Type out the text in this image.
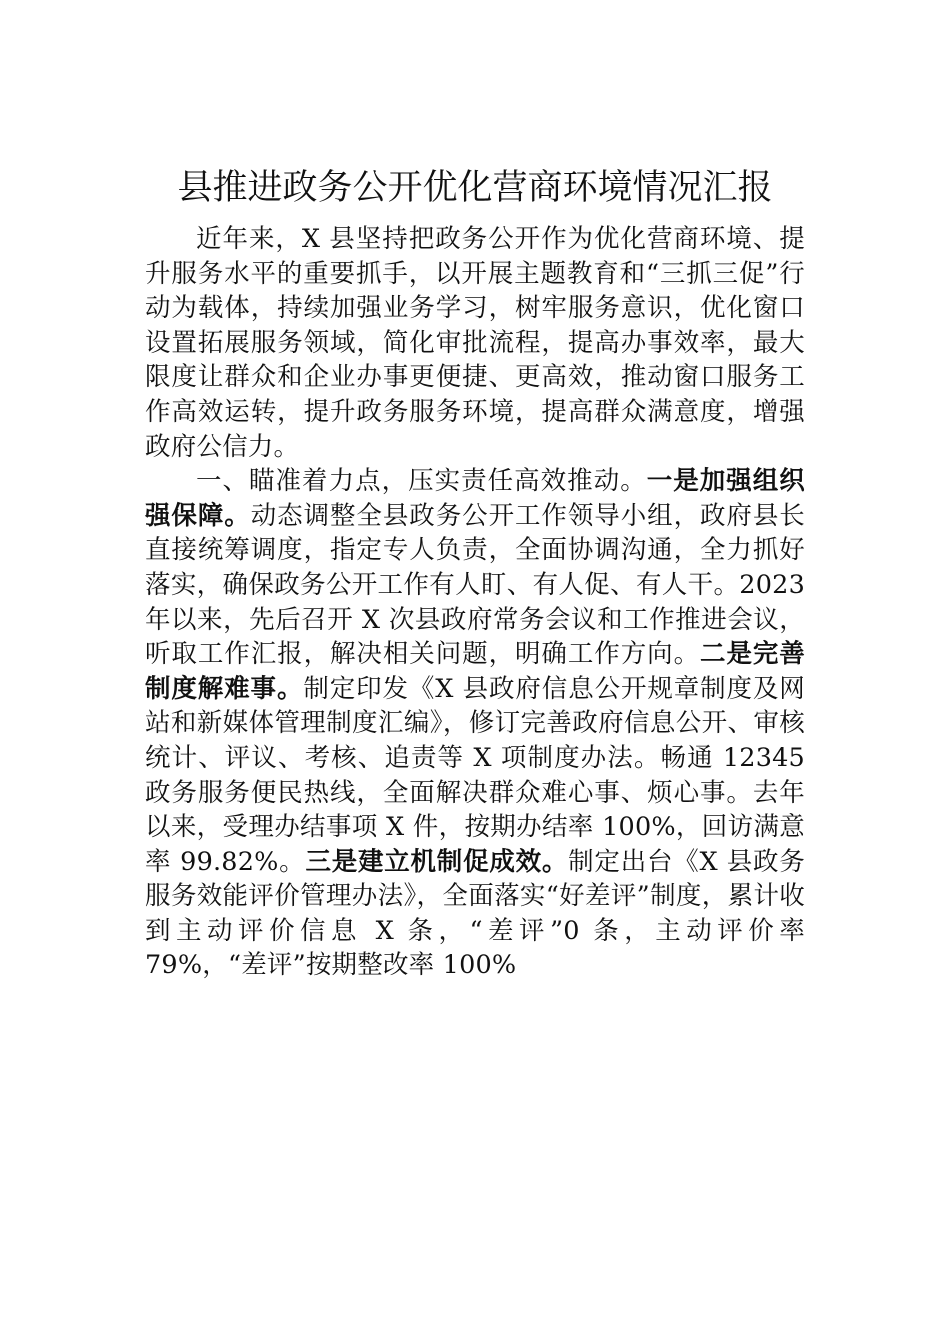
县推进政务公开优化营商环境情况汇报

近年来，X 县坚持把政务公开作为优化营商环境、提升服务水平的重要抓手，以开展主题教育和“三抓三促”行动为载体，持续加强业务学习，树牢服务意识，优化窗口设置拓展服务领域，简化审批流程，提高办事效率，最大限度让群众和企业办事更便捷、更高效，推动窗口服务工作高效运转，提升政务服务环境，提高群众满意度，增强政府公信力。

一、瞄准着力点，压实责任高效推动。一是加强组织强保障。动态调整全县政务公开工作领导小组，政府县长直接统筹调度，指定专人负责，全面协调沟通，全力抓好落实，确保政务公开工作有人盯、有人促、有人干。2023 年以来，先后召开 X 次县政府常务会议和工作推进会议，听取工作汇报，解决相关问题，明确工作方向。二是完善制度解难事。制定印发《X 县政府信息公开规章制度及网站和新媒体管理制度汇编》，修订完善政府信息公开、审核统计、评议、考核、追责等 X 项制度办法。畅通 12345 政务服务便民热线，全面解决群众难心事、烦心事。去年以来，受理办结事项 X 件，按期办结率 100%，回访满意率 99.82%。三是建立机制促成效。制定出台《X 县政务服务效能评价管理办法》，全面落实“好差评”制度，累计收到主动评价信息 X 条，“差评”0 条，主动评价率 79%，“差评”按期整改率 100%
